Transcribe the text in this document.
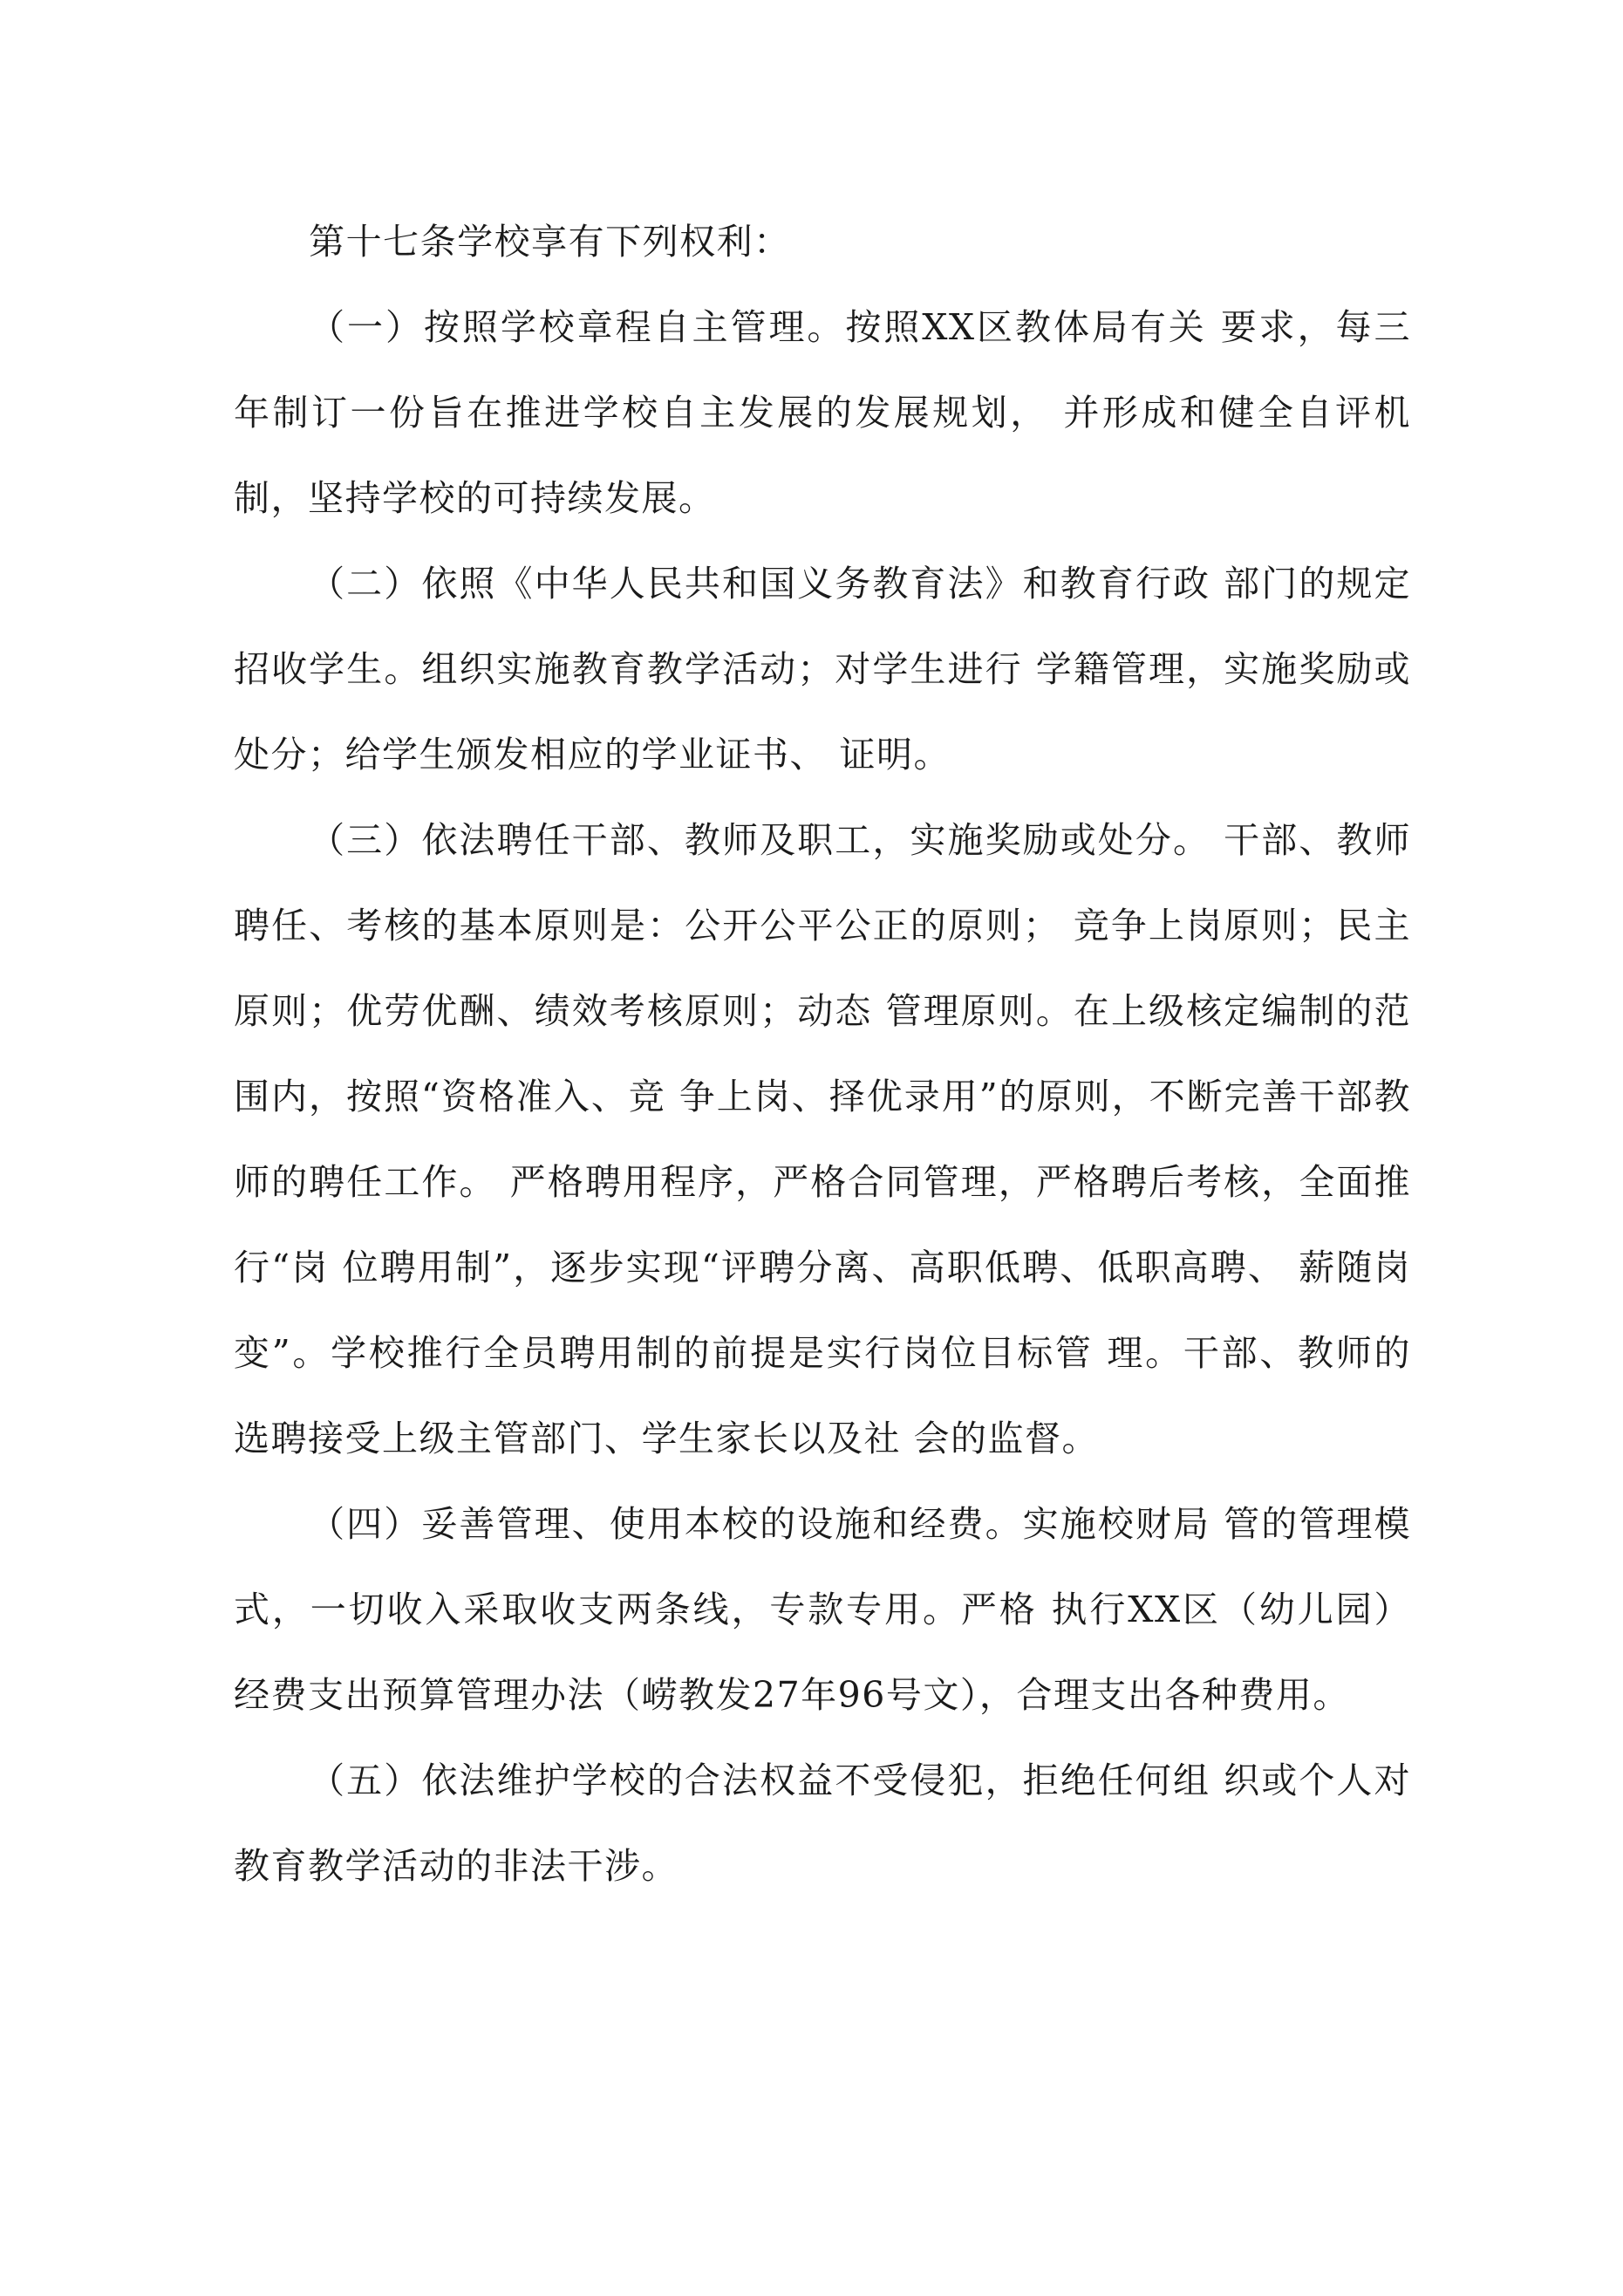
第十七条学校享有下列权利：

（一）按照学校章程自主管理。按照XX区教体局有关 要求，每三年制订一份旨在推进学校自主发展的发展规划， 并形成和健全自评机制，坚持学校的可持续发展。

（二）依照《中华人民共和国义务教育法》和教育行政 部门的规定招收学生。组织实施教育教学活动；对学生进行 学籍管理，实施奖励或处分；给学生颁发相应的学业证书、 证明。

（三）依法聘任干部、教师及职工，实施奖励或处分。 干部、教师聘任、考核的基本原则是：公开公平公正的原则； 竞争上岗原则；民主原则；优劳优酬、绩效考核原则；动态 管理原则。在上级核定编制的范围内，按照“资格准入、竞 争上岗、择优录用”的原则，不断完善干部教师的聘任工作。 严格聘用程序，严格合同管理，严格聘后考核，全面推行“岗 位聘用制”，逐步实现“评聘分离、高职低聘、低职高聘、 薪随岗变”。学校推行全员聘用制的前提是实行岗位目标管 理。干部、教师的选聘接受上级主管部门、学生家长以及社 会的监督。

（四）妥善管理、使用本校的设施和经费。实施校财局 管的管理模式，一切收入采取收支两条线，专款专用。严格 执行XX区（幼儿园）经费支出预算管理办法（崂教发27年96号文），合理支出各种费用。

（五）依法维护学校的合法权益不受侵犯，拒绝任何组 织或个人对教育教学活动的非法干涉。
